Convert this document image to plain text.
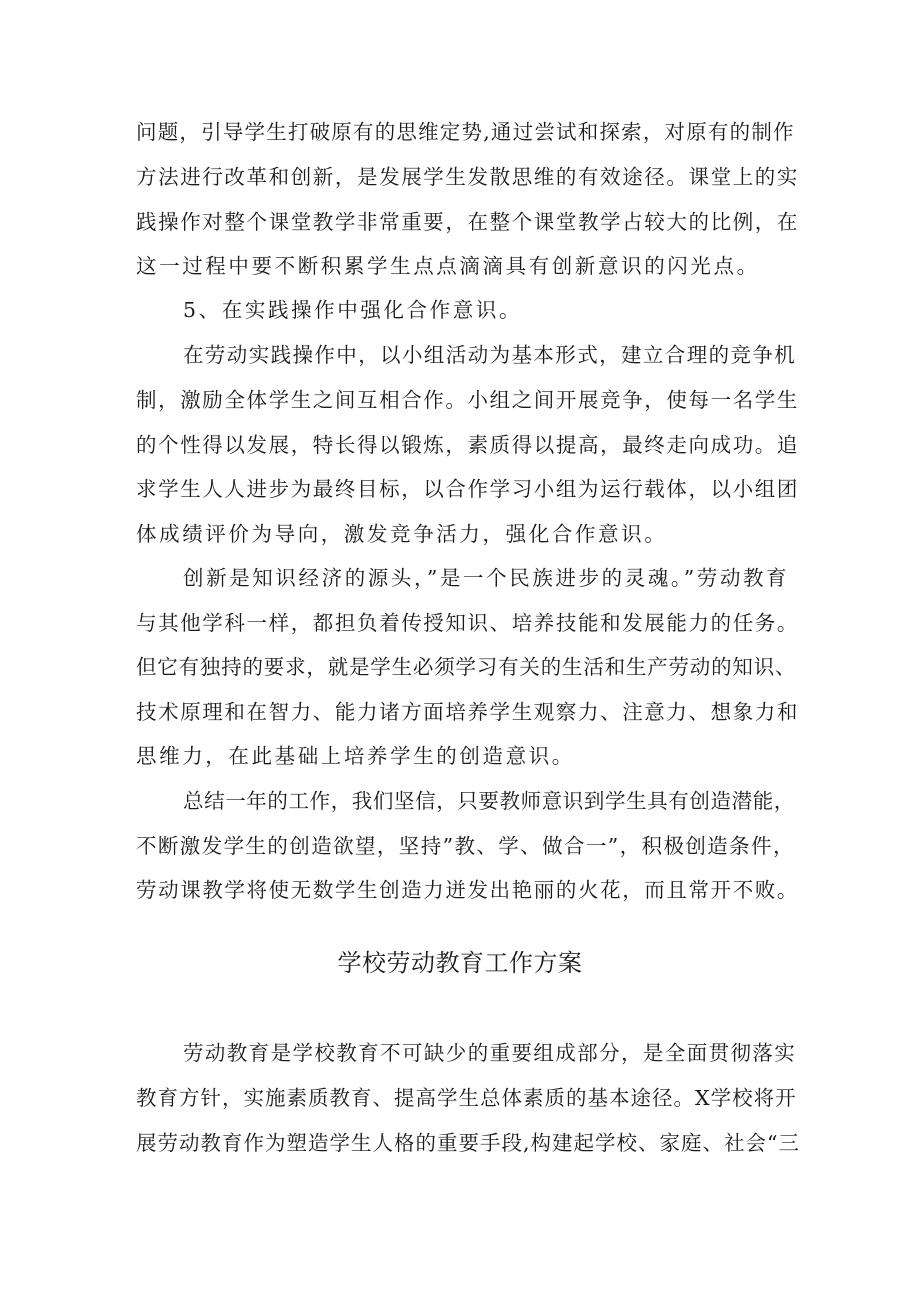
问题，引导学生打破原有的思维定势,通过尝试和探索，对原有的制作
方法进行改革和创新，是发展学生发散思维的有效途径。课堂上的实
践操作对整个课堂教学非常重要，在整个课堂教学占较大的比例，在
这一过程中要不断积累学生点点滴滴具有创新意识的闪光点。
5、在实践操作中强化合作意识。
在劳动实践操作中，以小组活动为基本形式，建立合理的竞争机
制，激励全体学生之间互相合作。小组之间开展竞争，使每一名学生
的个性得以发展，特长得以锻炼，素质得以提高，最终走向成功。追
求学生人人进步为最终目标，以合作学习小组为运行载体，以小组团
体成绩评价为导向，激发竞争活力，强化合作意识。
创新是知识经济的源头，”是一个民族进步的灵魂。”劳动教育
与其他学科一样，都担负着传授知识、培养技能和发展能力的任务。
但它有独持的要求，就是学生必须学习有关的生活和生产劳动的知识、
技术原理和在智力、能力诸方面培养学生观察力、注意力、想象力和
思维力，在此基础上培养学生的创造意识。
总结一年的工作，我们坚信，只要教师意识到学生具有创造潜能，
不断激发学生的创造欲望，坚持”教、学、做合一”，积极创造条件，
劳动课教学将使无数学生创造力迸发出艳丽的火花，而且常开不败。
学校劳动教育工作方案
劳动教育是学校教育不可缺少的重要组成部分，是全面贯彻落实
教育方针，实施素质教育、提高学生总体素质的基本途径。X学校将开
展劳动教育作为塑造学生人格的重要手段,构建起学校、家庭、社会“三
